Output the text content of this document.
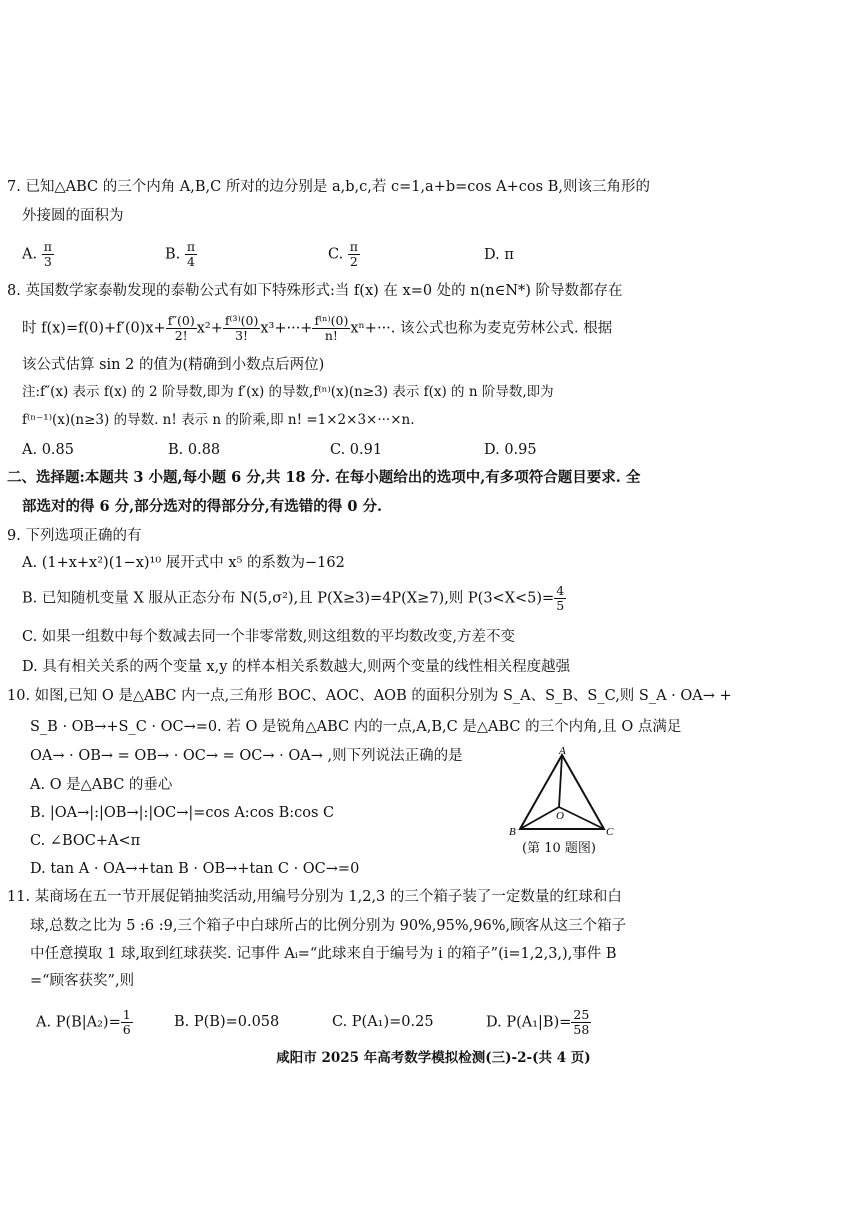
7. 已知△ABC 的三个内角 A,B,C 所对的边分别是 a,b,c,若 c=1,a+b=cos A+cos B,则该三角形的
外接圆的面积为
A. $\frac{\pi}{3}$	B. $\frac{\pi}{4}$	C. $\frac{\pi}{2}$	D. π
8. 英国数学家泰勒发现的泰勒公式有如下特殊形式:当 f(x) 在 x=0 处的 n(n∈N*) 阶导数都存在
时 $f(x)=f(0)+f'(0)x+ \frac{f''(0)}{2!} x^2+ \frac{\text{f⁽³⁾(0)}}{3!} x^3+\cdot\cdot\cdot+ \frac{\text{f⁽ⁿ⁾(0)}}{n!} x^n+\cdot\cdot\cdot$. 该公式也称为麦克劳林公式. 根据
该公式估算 sin 2 的值为(精确到小数点后两位)
注:f″(x) 表示 f(x) 的 2 阶导数,即为 f′(x) 的导数,f⁽ⁿ⁾(x)(n≥3) 表示 f(x) 的 n 阶导数,即为
f⁽ⁿ⁻¹⁾(x)(n≥3) 的导数. n! 表示 n 的阶乘,即 n! =1×2×3×···×n.
A. 0.85	B. 0.88	C. 0.91	D. 0.95
二、选择题:本题共 3 小题,每小题 6 分,共 18 分. 在每小题给出的选项中,有多项符合题目要求. 全
部选对的得 6 分,部分选对的得部分分,有选错的得 0 分.
9. 下列选项正确的有
A. (1+x+x²)(1−x)¹⁰ 展开式中 x⁵ 的系数为−162
B. 已知随机变量 X 服从正态分布 N(5,σ²),且 P(X≥3)=4P(X≥7),则 $P(3<X<5)= \frac{4}{5}$
C. 如果一组数中每个数减去同一个非零常数,则这组数的平均数改变,方差不变
D. 具有相关关系的两个变量 x,y 的样本相关系数越大,则两个变量的线性相关程度越强
10. 如图,已知 O 是△ABC 内一点,三角形 BOC、AOC、AOB 的面积分别为 S_A、S_B、S_C,则 S_A · OA→ +
S_B · OB→+S_C · OC→=0. 若 O 是锐角△ABC 内的一点,A,B,C 是△ABC 的三个内角,且 O 点满足
OA→ · OB→ = OB→ · OC→ = OC→ · OA→ ,则下列说法正确的是
A. O 是△ABC 的垂心
B. |OA→|:|OB→|:|OC→|=cos A:cos B:cos C
C. ∠BOC+A<π
D. tan A · OA→+tan B · OB→+tan C · OC→=0
A
B	C
O
(第 10 题图)
11. 某商场在五一节开展促销抽奖活动,用编号分别为 1,2,3 的三个箱子装了一定数量的红球和白
球,总数之比为 5 :6 :9,三个箱子中白球所占的比例分别为 90%,95%,96%,顾客从这三个箱子
中任意摸取 1 球,取到红球获奖. 记事件 Aᵢ=“此球来自于编号为 i 的箱子”(i=1,2,3,),事件 B
=“顾客获奖”,则
A. $P(B|A_2)= \frac{1}{6}$	B. P(B)=0.058	C. P(A₁)=0.25	D. $P(A_1|B)= \frac{25}{58}$
咸阳市 2025 年高考数学模拟检测(三)-2-(共 4 页)
